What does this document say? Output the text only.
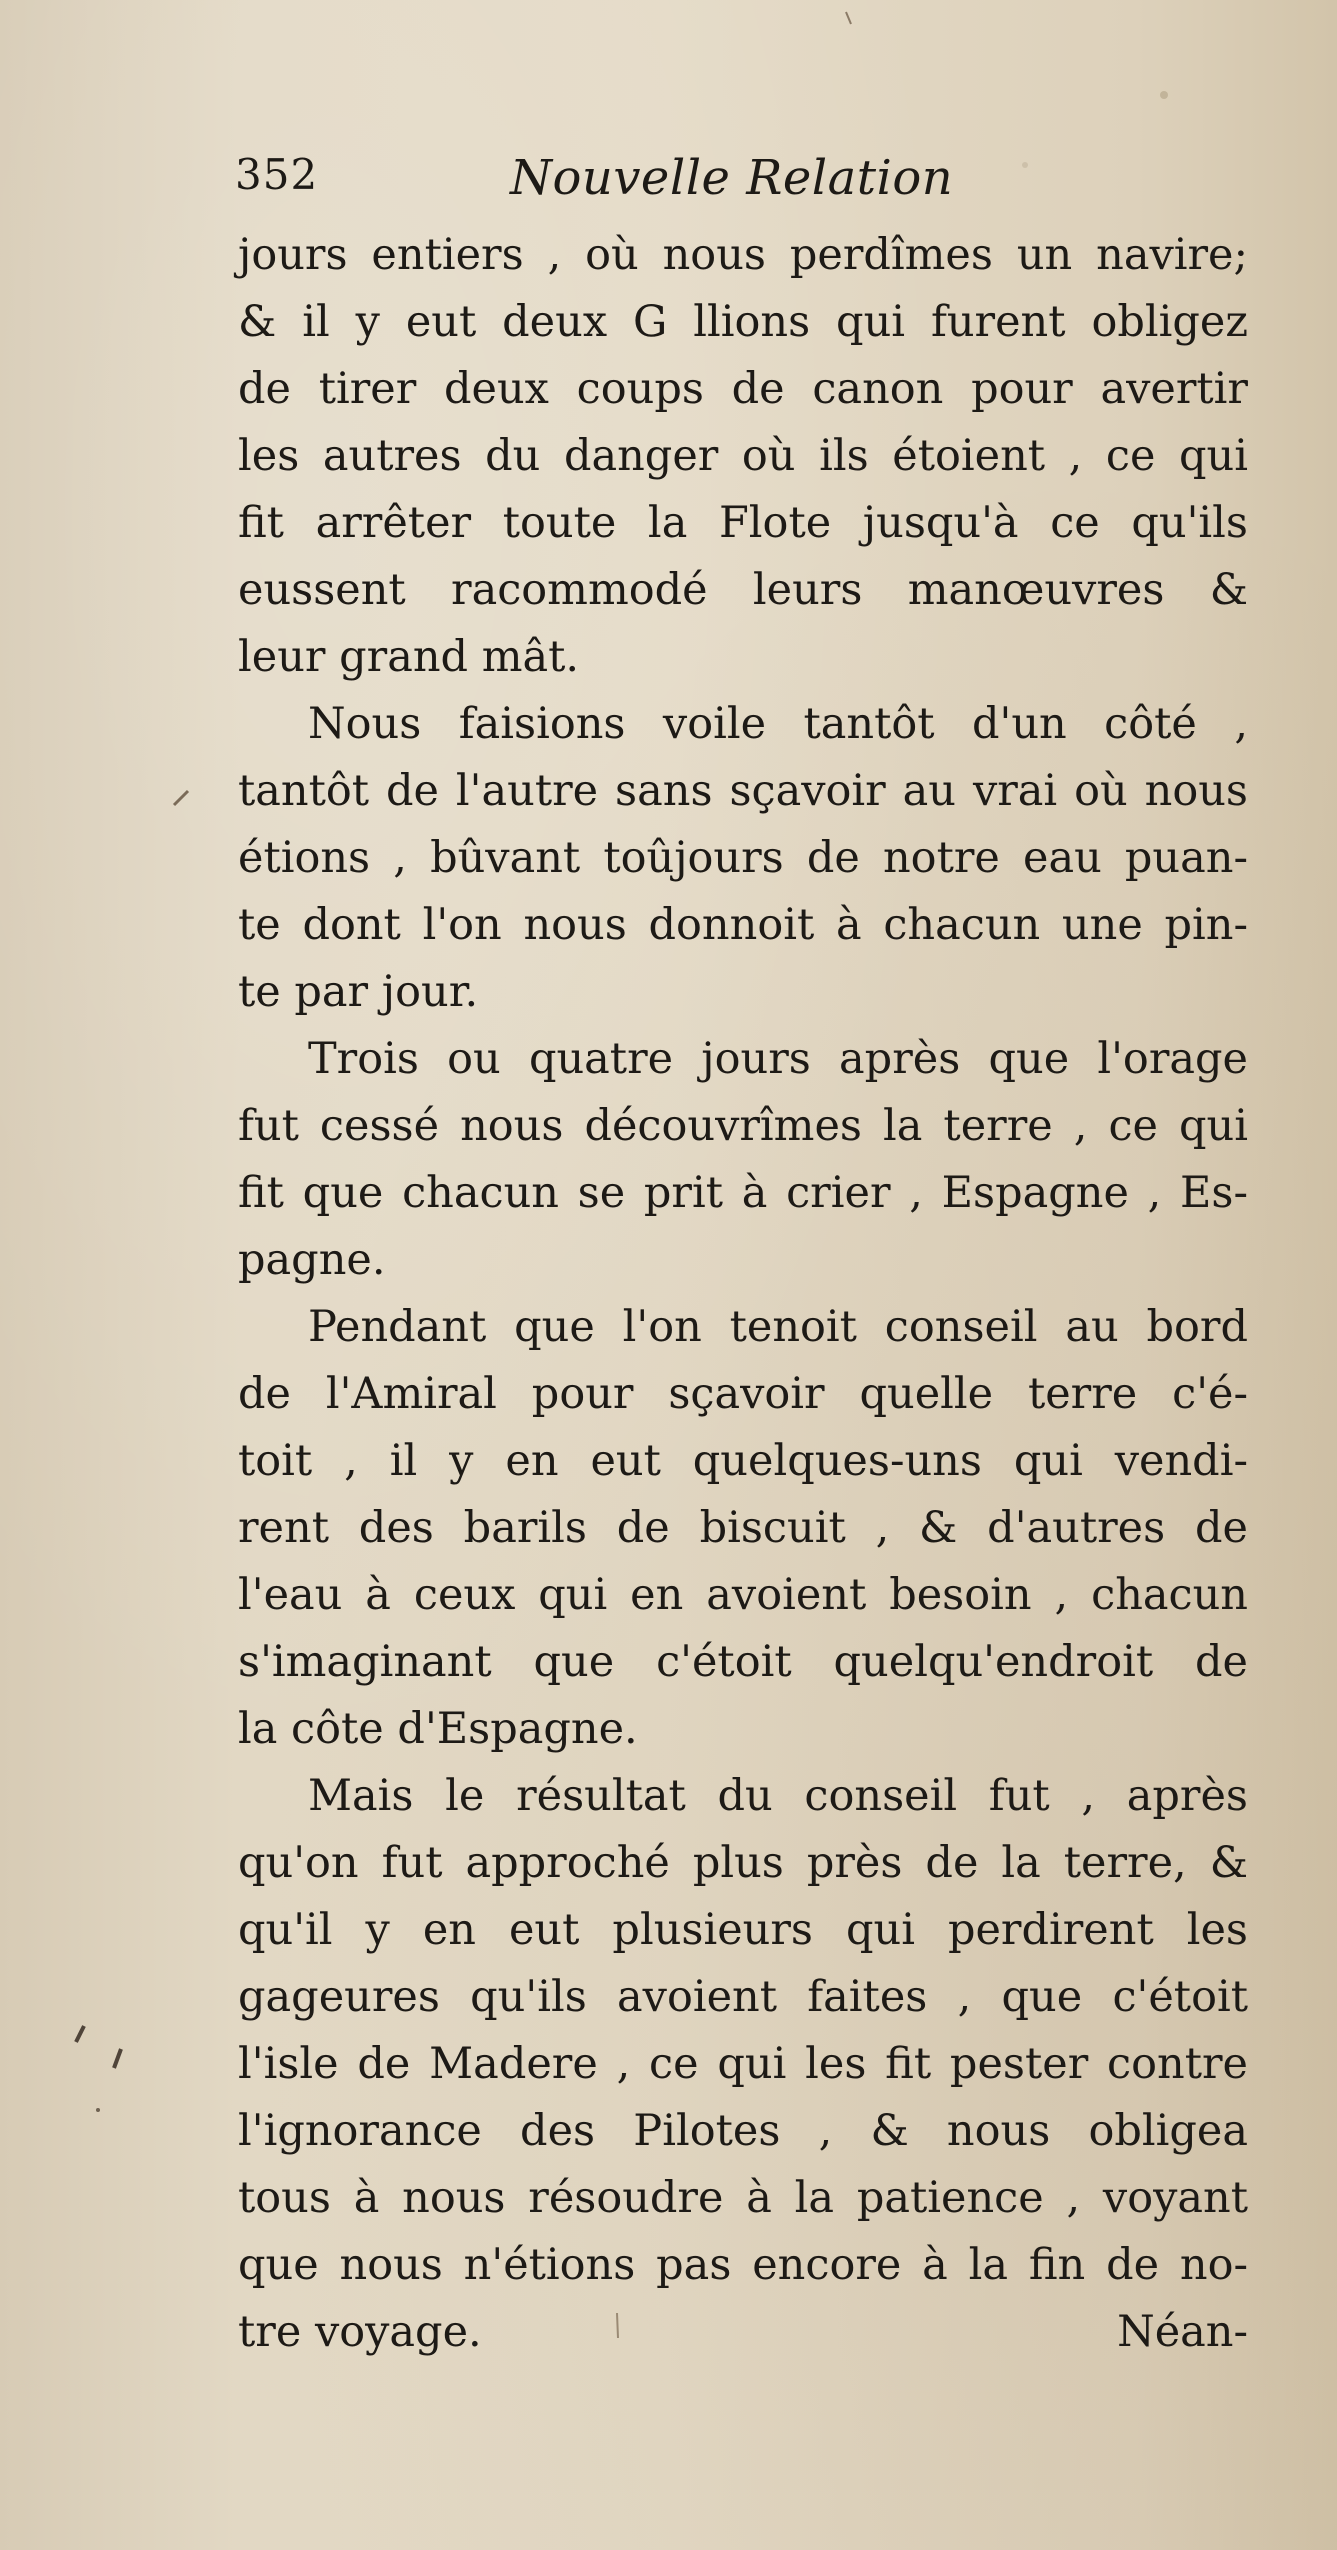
352	Nouvelle Relation
jours entiers , où nous perdîmes un navire;
& il y eut deux G llions qui furent obligez
de tirer deux coups de canon pour avertir
les autres du danger où ils étoient , ce qui
fit arrêter toute la Flote jusqu'à ce qu'ils
eussent racommodé leurs manœuvres &
leur grand mât.
Nous faisions voile tantôt d'un côté ,
tantôt de l'autre sans sçavoir au vrai où nous
étions , bûvant toûjours de notre eau puan-
te dont l'on nous donnoit à chacun une pin-
te par jour.
Trois ou quatre jours après que l'orage
fut cessé nous découvrîmes la terre , ce qui
fit que chacun se prit à crier , Espagne , Es-
pagne.
Pendant que l'on tenoit conseil au bord
de l'Amiral pour sçavoir quelle terre c'é-
toit , il y en eut quelques-uns qui vendi-
rent des barils de biscuit , & d'autres de
l'eau à ceux qui en avoient besoin , chacun
s'imaginant que c'étoit quelqu'endroit de
la côte d'Espagne.
Mais le résultat du conseil fut , après
qu'on fut approché plus près de la terre, &
qu'il y en eut plusieurs qui perdirent les
gageures qu'ils avoient faites , que c'étoit
l'isle de Madere , ce qui les fit pester contre
l'ignorance des Pilotes , & nous obligea
tous à nous résoudre à la patience , voyant
que nous n'étions pas encore à la fin de no-
tre voyage.	Néan-
